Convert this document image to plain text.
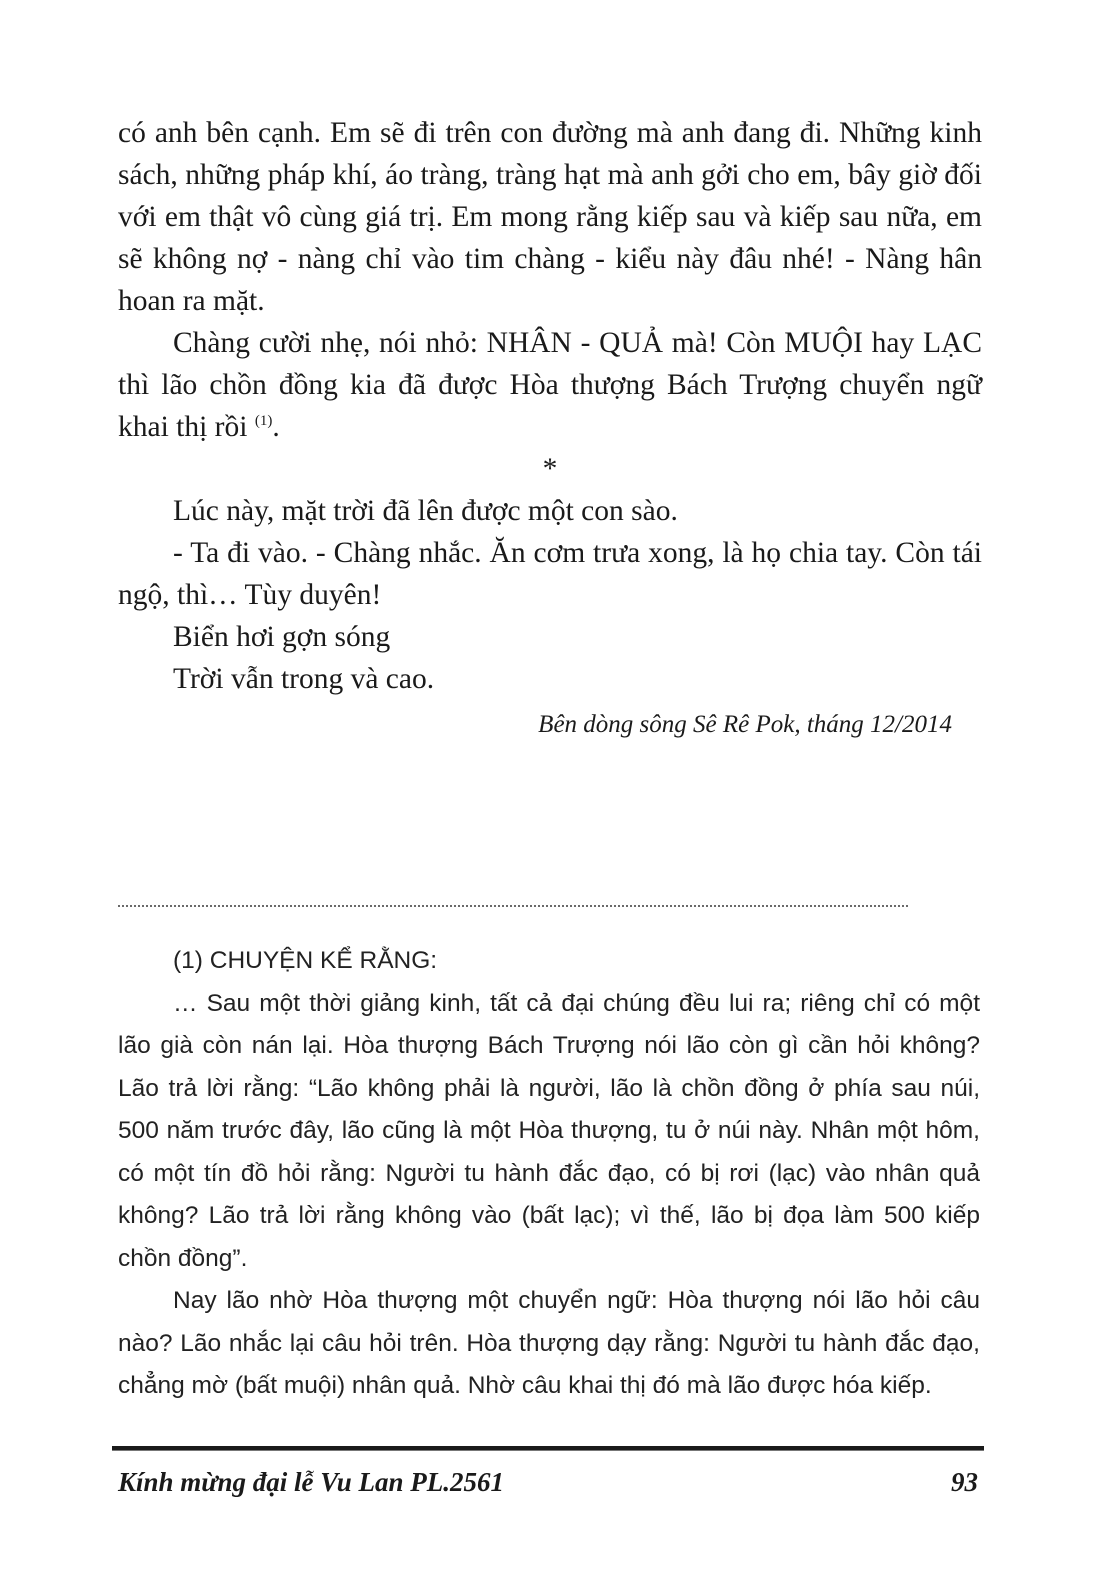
có anh bên cạnh. Em sẽ đi trên con đường mà anh đang đi. Những kinh sách, những pháp khí, áo tràng, tràng hạt mà anh gởi cho em, bây giờ đối với em thật vô cùng giá trị. Em mong rằng kiếp sau và kiếp sau nữa, em sẽ không nợ - nàng chỉ vào tim chàng - kiểu này đâu nhé! - Nàng hân hoan ra mặt.

Chàng cười nhẹ, nói nhỏ: NHÂN - QUẢ mà! Còn MUỘI hay LẠC thì lão chồn đồng kia đã được Hòa thượng Bách Trượng chuyển ngữ khai thị rồi $^{(1)}$.

*

Lúc này, mặt trời đã lên được một con sào.

- Ta đi vào. - Chàng nhắc. Ăn cơm trưa xong, là họ chia tay. Còn tái ngộ, thì… Tùy duyên!

Biển hơi gợn sóng

Trời vẫn trong và cao.

Bên dòng sông Sê Rê Pok, tháng 12/2014

(1) CHUYỆN KỂ RẰNG:

… Sau một thời giảng kinh, tất cả đại chúng đều lui ra; riêng chỉ có một lão già còn nán lại. Hòa thượng Bách Trượng nói lão còn gì cần hỏi không? Lão trả lời rằng: “Lão không phải là người, lão là chồn đồng ở phía sau núi, 500 năm trước đây, lão cũng là một Hòa thượng, tu ở núi này. Nhân một hôm, có một tín đồ hỏi rằng: Người tu hành đắc đạo, có bị rơi (lạc) vào nhân quả không? Lão trả lời rằng không vào (bất lạc); vì thế, lão bị đọa làm 500 kiếp chồn đồng”.

Nay lão nhờ Hòa thượng một chuyển ngữ: Hòa thượng nói lão hỏi câu nào? Lão nhắc lại câu hỏi trên. Hòa thượng dạy rằng: Người tu hành đắc đạo, chẳng mờ (bất muội) nhân quả. Nhờ câu khai thị đó mà lão được hóa kiếp.

Kính mừng đại lễ Vu Lan PL.2561	93
